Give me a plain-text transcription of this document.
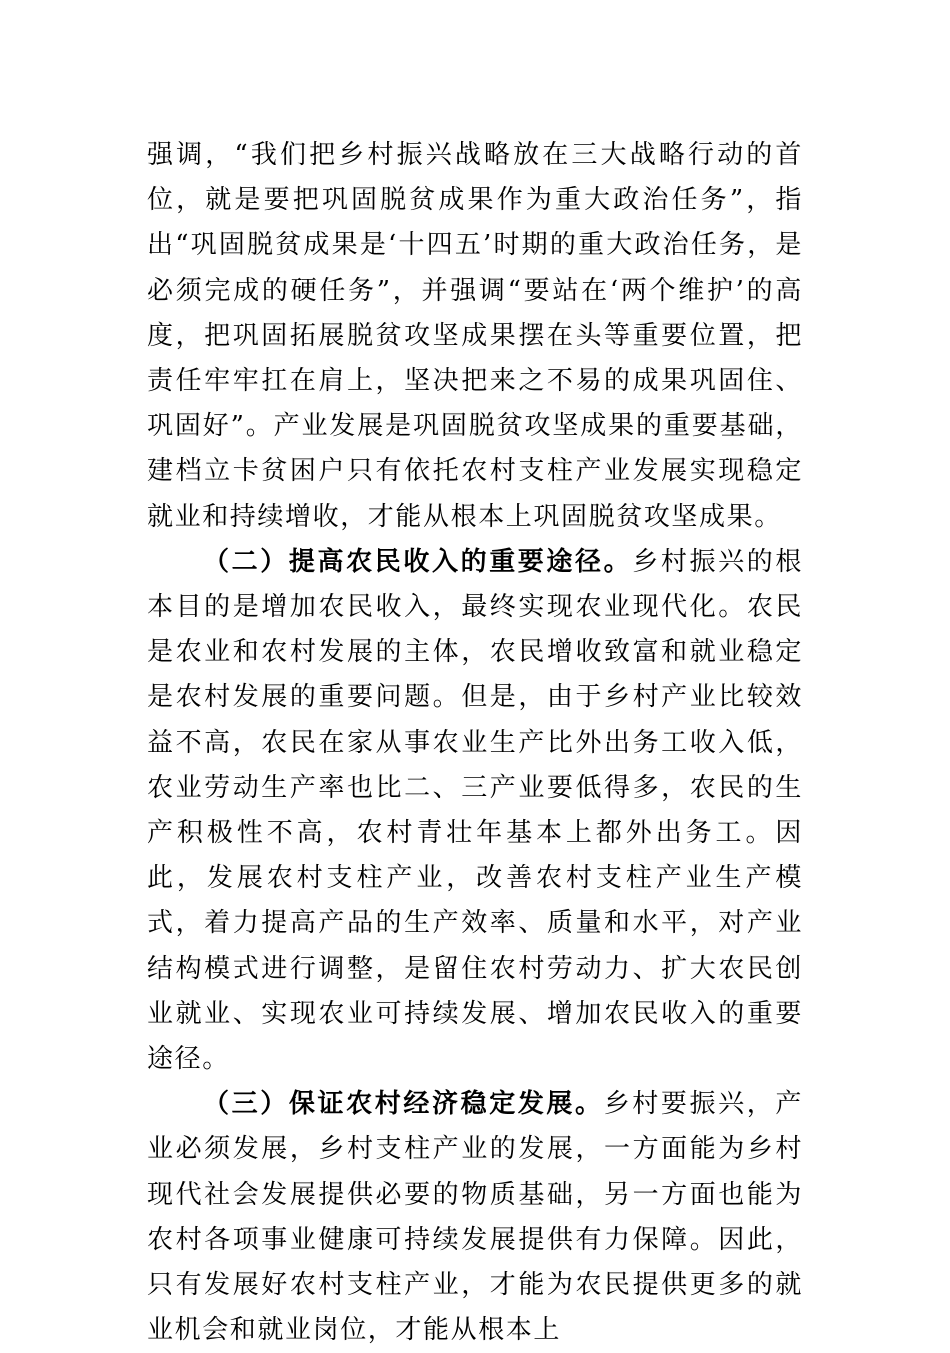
强调，“我们把乡村振兴战略放在三大战略行动的首位，就是要把巩固脱贫成果作为重大政治任务”，指出“巩固脱贫成果是‘十四五’时期的重大政治任务，是必须完成的硬任务”，并强调“要站在‘两个维护’的高度，把巩固拓展脱贫攻坚成果摆在头等重要位置，把责任牢牢扛在肩上，坚决把来之不易的成果巩固住、巩固好”。产业发展是巩固脱贫攻坚成果的重要基础，建档立卡贫困户只有依托农村支柱产业发展实现稳定就业和持续增收，才能从根本上巩固脱贫攻坚成果。

（二）提高农民收入的重要途径。乡村振兴的根本目的是增加农民收入，最终实现农业现代化。农民是农业和农村发展的主体，农民增收致富和就业稳定是农村发展的重要问题。但是，由于乡村产业比较效益不高，农民在家从事农业生产比外出务工收入低，农业劳动生产率也比二、三产业要低得多，农民的生产积极性不高，农村青壮年基本上都外出务工。因此，发展农村支柱产业，改善农村支柱产业生产模式，着力提高产品的生产效率、质量和水平，对产业结构模式进行调整，是留住农村劳动力、扩大农民创业就业、实现农业可持续发展、增加农民收入的重要途径。

（三）保证农村经济稳定发展。乡村要振兴，产业必须发展，乡村支柱产业的发展，一方面能为乡村现代社会发展提供必要的物质基础，另一方面也能为农村各项事业健康可持续发展提供有力保障。因此，只有发展好农村支柱产业，才能为农民提供更多的就业机会和就业岗位，才能从根本上
